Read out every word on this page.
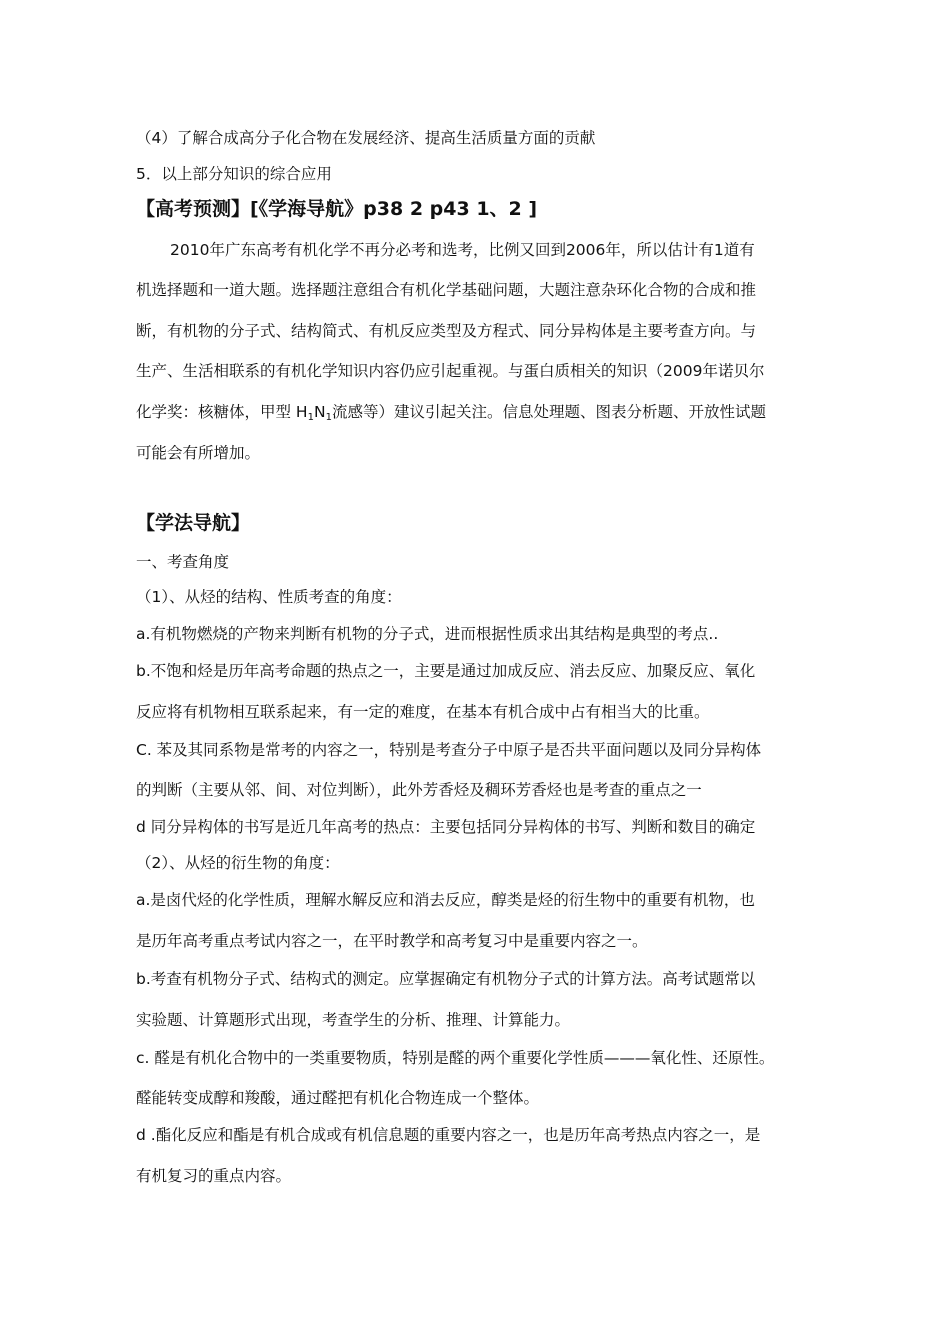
（4）了解合成高分子化合物在发展经济、提高生活质量方面的贡献
5．以上部分知识的综合应用
【高考预测】[《学海导航》p38 2 p43 1、2 ]
2010年广东高考有机化学不再分必考和选考，比例又回到2006年，所以估计有1道有
机选择题和一道大题。选择题注意组合有机化学基础问题，大题注意杂环化合物的合成和推
断，有机物的分子式、结构简式、有机反应类型及方程式、同分异构体是主要考查方向。与
生产、生活相联系的有机化学知识内容仍应引起重视。与蛋白质相关的知识（2009年诺贝尔
化学奖：核糖体，甲型 $H_1N_1$流感等）建议引起关注。信息处理题、图表分析题、开放性试题
可能会有所增加。
【学法导航】
一、考查角度
（1）、从烃的结构、性质考查的角度：
a.有机物燃烧的产物来判断有机物的分子式，进而根据性质求出其结构是典型的考点..
b.不饱和烃是历年高考命题的热点之一，主要是通过加成反应、消去反应、加聚反应、氧化
反应将有机物相互联系起来，有一定的难度，在基本有机合成中占有相当大的比重。
C. 苯及其同系物是常考的内容之一，特别是考查分子中原子是否共平面问题以及同分异构体
的判断（主要从邻、间、对位判断），此外芳香烃及稠环芳香烃也是考查的重点之一
d 同分异构体的书写是近几年高考的热点：主要包括同分异构体的书写、判断和数目的确定
（2）、从烃的衍生物的角度：
a.是卤代烃的化学性质，理解水解反应和消去反应，醇类是烃的衍生物中的重要有机物，也
是历年高考重点考试内容之一，在平时教学和高考复习中是重要内容之一。
b.考查有机物分子式、结构式的测定。应掌握确定有机物分子式的计算方法。高考试题常以
实验题、计算题形式出现，考查学生的分析、推理、计算能力。
c. 醛是有机化合物中的一类重要物质，特别是醛的两个重要化学性质———氧化性、还原性。
醛能转变成醇和羧酸，通过醛把有机化合物连成一个整体。
d .酯化反应和酯是有机合成或有机信息题的重要内容之一，也是历年高考热点内容之一，是
有机复习的重点内容。
